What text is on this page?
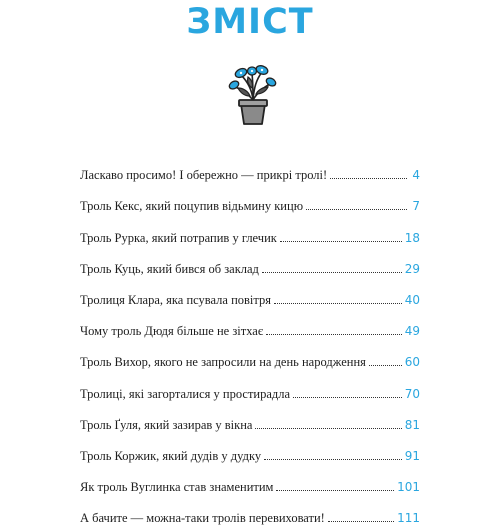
ЗМІСТ
Ласкаво просимо! І обережно — прикрі тролі!	4
Троль Кекс, який поцупив відьмину кицю	7
Троль Рурка, який потрапив у глечик	18
Троль Куць, який бився об заклад	29
Тролиця Клара, яка псувала повітря	40
Чому троль Дюдя більше не зітхає	49
Троль Вихор, якого не запросили на день народження	60
Тролиці, які загорталися у простирадла	70
Троль Ґуля, який зазирав у вікна	81
Троль Коржик, який дудів у дудку	91
Як троль Вуглинка став знаменитим	101
А бачите — можна-таки тролів перевиховати!	111
